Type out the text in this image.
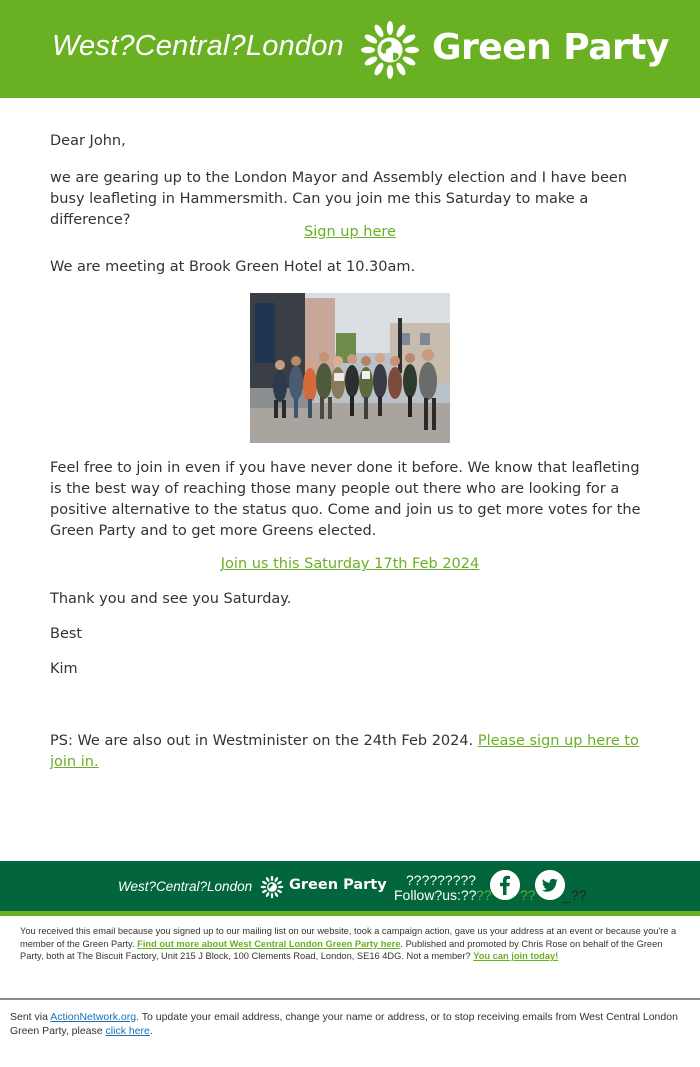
West?Central?London Green Party

Dear John,

we are gearing up to the London Mayor and Assembly election and I have been busy leafleting in Hammersmith. Can you join me this Saturday to make a difference?

Sign up here

We are meeting at Brook Green Hotel at 10.30am.

Feel free to join in even if you have never done it before. We know that leafleting is the best way of reaching those many people out there who are looking for a positive alternative to the status quo. Come and join us to get more votes for the Green Party and to get more Greens elected.

Join us this Saturday 17th Feb 2024

Thank you and see you Saturday.

Best

Kim

PS: We are also out in Westminister on the 24th Feb 2024. Please sign up here to join in.

West?Central?London	Green Party ?????????
Follow?us:?? ?? ?? _??
You received this email because you signed up to our mailing list on our website, took a campaign action, gave us your address at an event or because you're a member of the Green Party. Find out more about West Central London Green Party here. Published and promoted by Chris Rose on behalf of the Green Party, both at The Biscuit Factory, Unit 215 J Block, 100 Clements Road, London, SE16 4DG. Not a member? You can join today!
Sent via ActionNetwork.org. To update your email address, change your name or address, or to stop receiving emails from West Central London Green Party, please click here.
